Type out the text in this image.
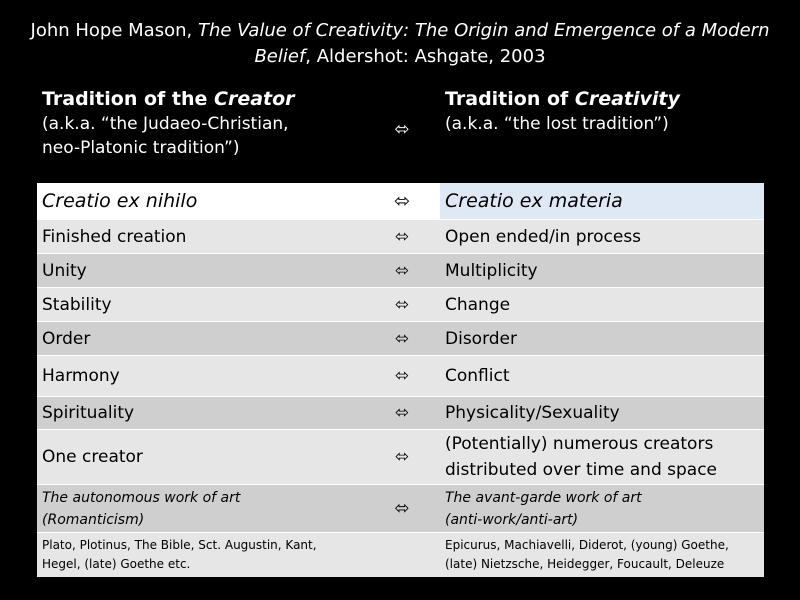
John Hope Mason, The Value of Creativity: The Origin and Emergence of a Modern Belief, Aldershot: Ashgate, 2003
Tradition of the Creator
(a.k.a. “the Judaeo-Christian,
neo-Platonic tradition”)	⬄	Tradition of Creativity
(a.k.a. “the lost tradition”)

Creatio ex nihilo	⬄	Creatio ex materia
Finished creation	⬄	Open ended/in process
Unity	⬄	Multiplicity
Stability	⬄	Change
Order	⬄	Disorder
Harmony	⬄	Conflict
Spirituality	⬄	Physicality/Sexuality
One creator	⬄	(Potentially) numerous creators
distributed over time and space

The autonomous work of art
(Romanticism)	⬄	The avant-garde work of art
(anti-work/anti-art)

Plato, Plotinus, The Bible, Sct. Augustin, Kant,
Hegel, (late) Goethe etc.		Epicurus, Machiavelli, Diderot, (young) Goethe,
(late) Nietzsche, Heidegger, Foucault, Deleuze
